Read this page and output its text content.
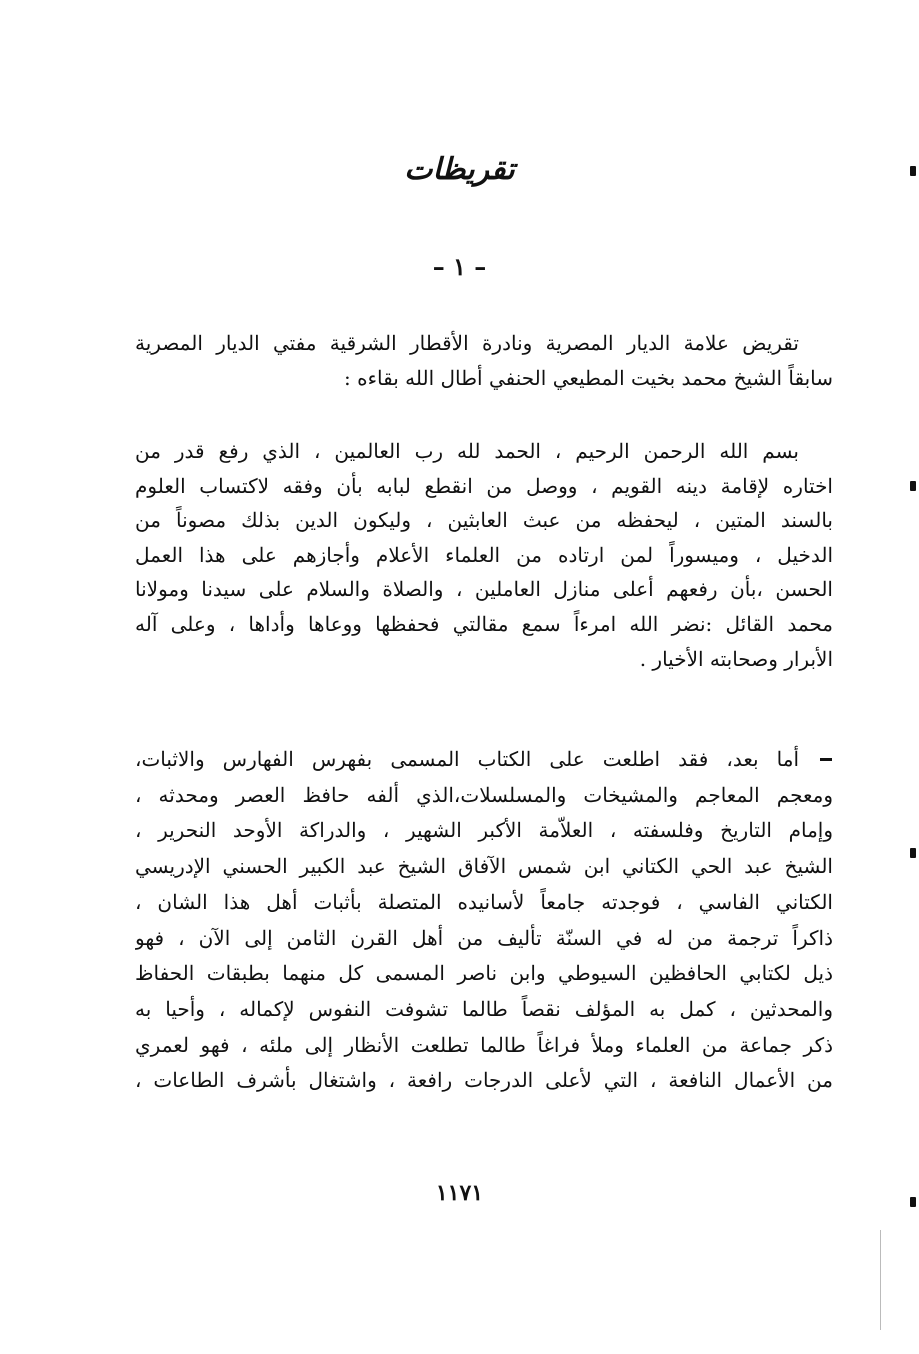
تقريظات
– ١ –
تقريض علامة الديار المصرية ونادرة الأقطار الشرقية مفتي الديار المصرية
سابقاً الشيخ محمد بخيت المطيعي الحنفي أطال الله بقاءه :
بسم الله الرحمن الرحيم ، الحمد لله رب العالمين ، الذي رفع قدر من
اختاره لإقامة دينه القويم ، ووصل من انقطع لبابه بأن وفقه لاكتساب العلوم
بالسند المتين ، ليحفظه من عبث العابثين ، وليكون الدين بذلك مصوناً من
الدخيل ، وميسوراً لمن ارتاده من العلماء الأعلام وأجازهم على هذا العمل
الحسن ،بأن رفعهم أعلى منازل العاملين ، والصلاة والسلام على سيدنا ومولانا
محمد القائل :نضر الله امرءاً سمع مقالتي فحفظها ووعاها وأداها ، وعلى آله
الأبرار وصحابته الأخيار .
أما بعد، فقد اطلعت على الكتاب المسمى بفهرس الفهارس والاثبات،
ومعجم المعاجم والمشيخات والمسلسلات،الذي ألفه حافظ العصر ومحدثه ،
وإمام التاريخ وفلسفته ، العلاّمة الأكبر الشهير ، والدراكة الأوحد النحرير ،
الشيخ عبد الحي الكتاني ابن شمس الآفاق الشيخ عبد الكبير الحسني الإدريسي
الكتاني الفاسي ، فوجدته جامعاً لأسانيده المتصلة بأثبات أهل هذا الشان ،
ذاكراً ترجمة من له في السنّة تأليف من أهل القرن الثامن إلى الآن ، فهو
ذيل لكتابي الحافظين السيوطي وابن ناصر المسمى كل منهما بطبقات الحفاظ
والمحدثين ، كمل به المؤلف نقصاً طالما تشوفت النفوس لإكماله ، وأحيا به
ذكر جماعة من العلماء وملأ فراغاً طالما تطلعت الأنظار إلى ملئه ، فهو لعمري
من الأعمال النافعة ، التي لأعلى الدرجات رافعة ، واشتغال بأشرف الطاعات ،
١١٧١
